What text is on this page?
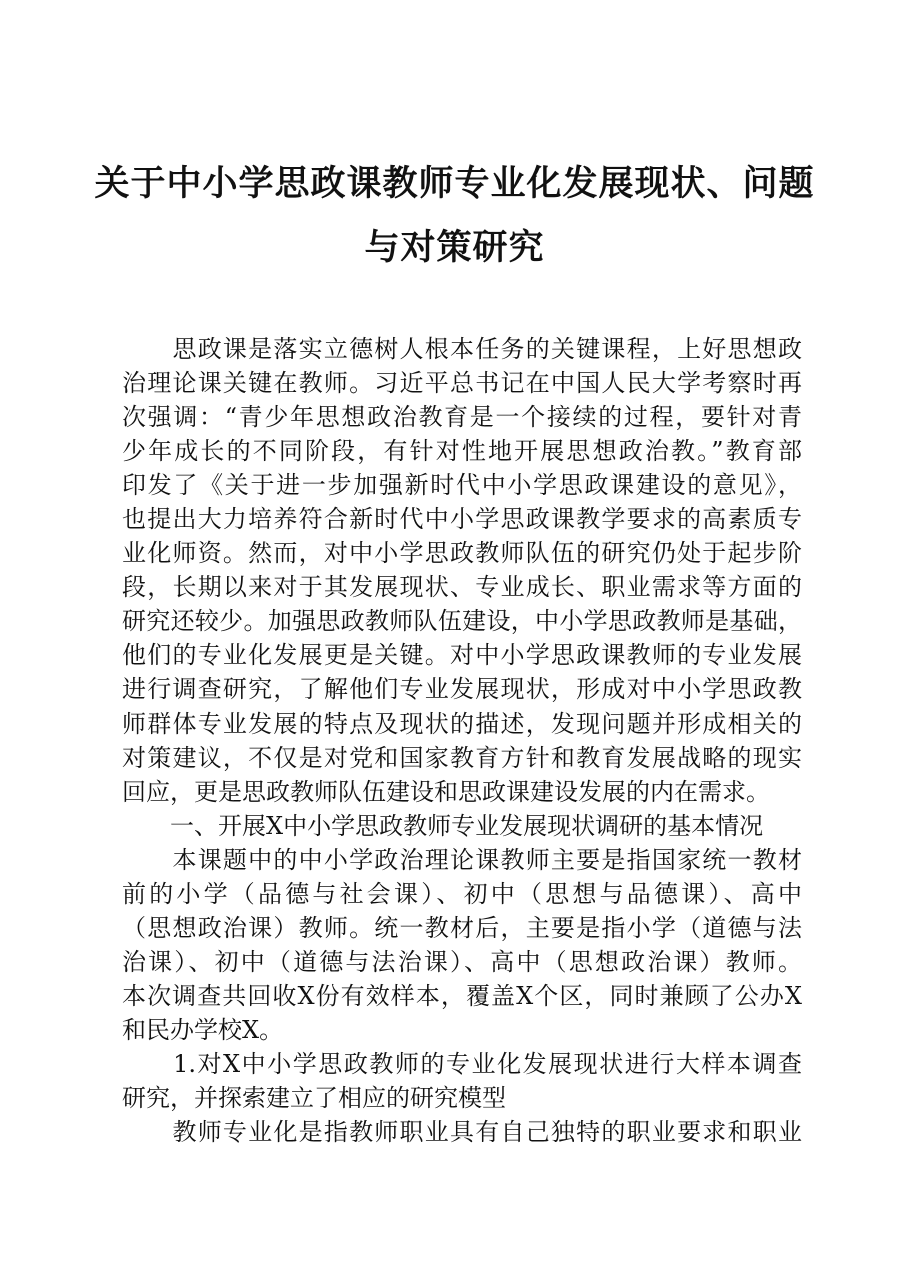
关于中小学思政课教师专业化发展现状、问题
与对策研究
　　思政课是落实立德树人根本任务的关键课程，上好思想政
治理论课关键在教师。习近平总书记在中国人民大学考察时再
次强调：“青少年思想政治教育是一个接续的过程，要针对青
少年成长的不同阶段，有针对性地开展思想政治教。”教育部
印发了《关于进一步加强新时代中小学思政课建设的意见》，
也提出大力培养符合新时代中小学思政课教学要求的高素质专
业化师资。然而，对中小学思政教师队伍的研究仍处于起步阶
段，长期以来对于其发展现状、专业成长、职业需求等方面的
研究还较少。加强思政教师队伍建设，中小学思政教师是基础，
他们的专业化发展更是关键。对中小学思政课教师的专业发展
进行调查研究，了解他们专业发展现状，形成对中小学思政教
师群体专业发展的特点及现状的描述，发现问题并形成相关的
对策建议，不仅是对党和国家教育方针和教育发展战略的现实
回应，更是思政教师队伍建设和思政课建设发展的内在需求。
　　一、开展X中小学思政教师专业发展现状调研的基本情况
　　本课题中的中小学政治理论课教师主要是指国家统一教材
前的小学（品德与社会课）、初中（思想与品德课）、高中
（思想政治课）教师。统一教材后，主要是指小学（道德与法
治课）、初中（道德与法治课）、高中（思想政治课）教师。
本次调查共回收X份有效样本，覆盖X个区，同时兼顾了公办X
和民办学校X。
　　1.对X中小学思政教师的专业化发展现状进行大样本调查
研究，并探索建立了相应的研究模型
　　教师专业化是指教师职业具有自己独特的职业要求和职业
